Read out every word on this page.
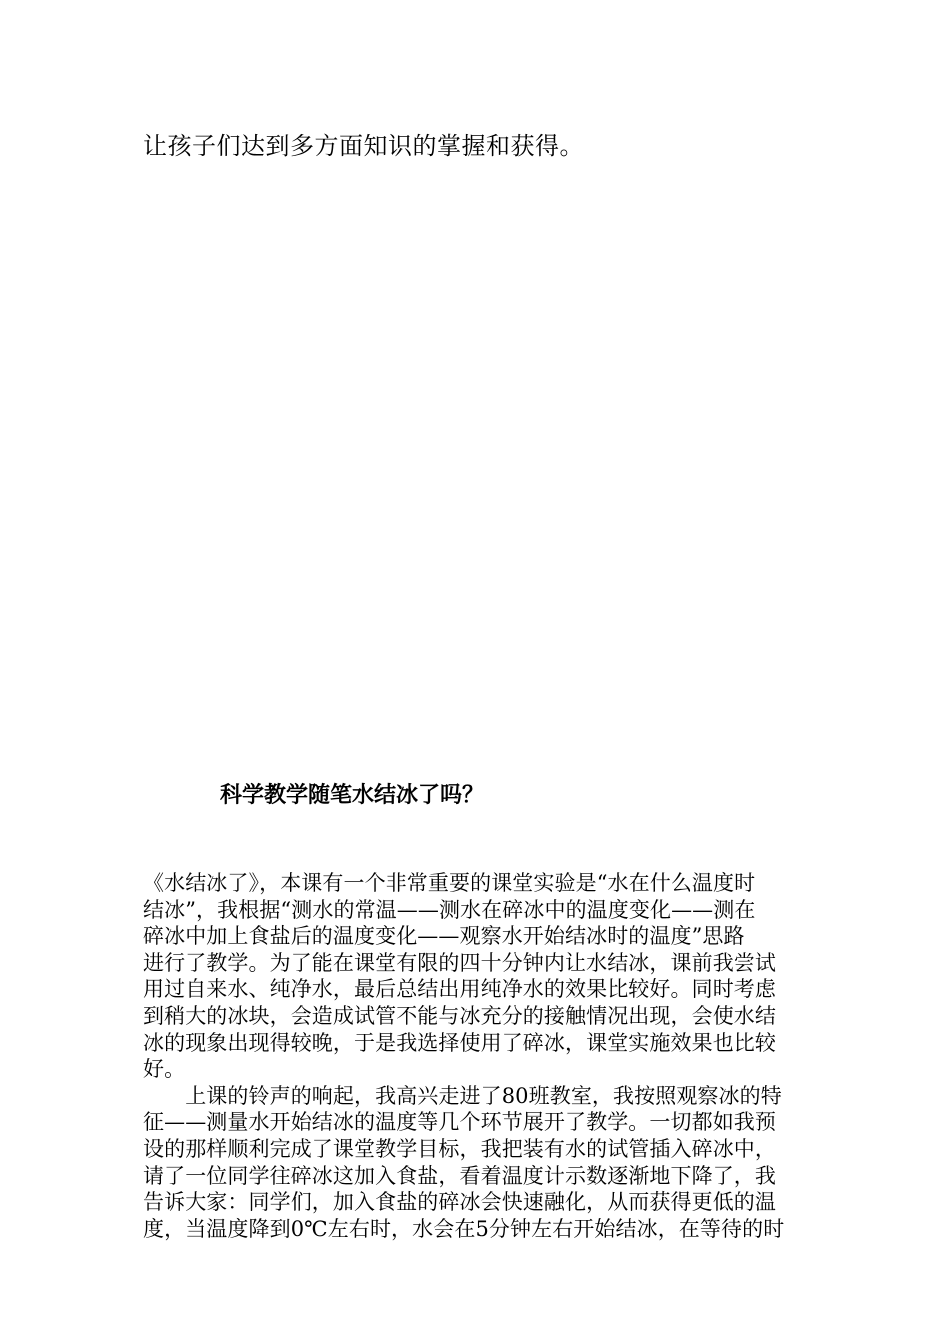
让孩子们达到多方面知识的掌握和获得。
科学教学随笔水结冰了吗？
《水结冰了》，本课有一个非常重要的课堂实验是“水在什么温度时
结冰”，我根据“测水的常温——测水在碎冰中的温度变化——测在
碎冰中加上食盐后的温度变化——观察水开始结冰时的温度”思路
进行了教学。为了能在课堂有限的四十分钟内让水结冰，课前我尝试
用过自来水、纯净水，最后总结出用纯净水的效果比较好。同时考虑
到稍大的冰块，会造成试管不能与冰充分的接触情况出现，会使水结
冰的现象出现得较晚，于是我选择使用了碎冰，课堂实施效果也比较
好。
　　上课的铃声的响起，我高兴走进了80班教室，我按照观察冰的特
征——测量水开始结冰的温度等几个环节展开了教学。一切都如我预
设的那样顺利完成了课堂教学目标，我把装有水的试管插入碎冰中，
请了一位同学往碎冰这加入食盐，看着温度计示数逐渐地下降了，我
告诉大家：同学们，加入食盐的碎冰会快速融化，从而获得更低的温
度，当温度降到0℃左右时，水会在5分钟左右开始结冰，在等待的时
